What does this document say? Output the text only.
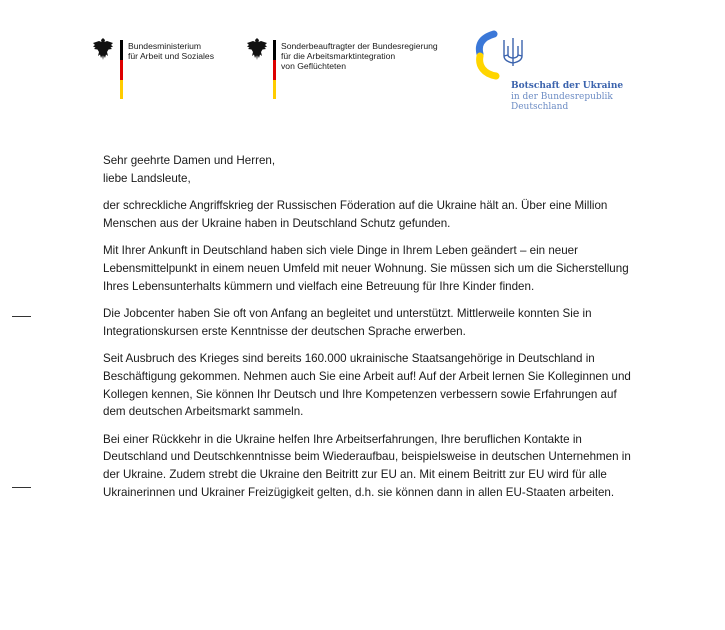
Bundesministerium
für Arbeit und Soziales
Sonderbeauftragter der Bundesregierung
für die Arbeitsmarktintegration
von Geflüchteten
Botschaft der Ukraine
in der Bundesrepublik
Deutschland

Sehr geehrte Damen und Herren,
liebe Landsleute,

der schreckliche Angriffskrieg der Russischen Föderation auf die Ukraine hält an. Über eine Million Menschen aus der Ukraine haben in Deutschland Schutz gefunden.

Mit Ihrer Ankunft in Deutschland haben sich viele Dinge in Ihrem Leben geändert – ein neuer Lebensmittelpunkt in einem neuen Umfeld mit neuer Wohnung. Sie müssen sich um die Sicherstellung Ihres Lebensunterhalts kümmern und vielfach eine Betreuung für Ihre Kinder finden.

Die Jobcenter haben Sie oft von Anfang an begleitet und unterstützt. Mittlerweile konnten Sie in Integrationskursen erste Kenntnisse der deutschen Sprache erwerben.

Seit Ausbruch des Krieges sind bereits 160.000 ukrainische Staatsangehörige in Deutschland in Beschäftigung gekommen. Nehmen auch Sie eine Arbeit auf! Auf der Arbeit lernen Sie Kolleginnen und Kollegen kennen, Sie können Ihr Deutsch und Ihre Kompetenzen verbessern sowie Erfahrungen auf dem deutschen Arbeitsmarkt sammeln.

Bei einer Rückkehr in die Ukraine helfen Ihre Arbeitserfahrungen, Ihre beruflichen Kontakte in Deutschland und Deutschkenntnisse beim Wiederaufbau, beispielsweise in deutschen Unternehmen in der Ukraine. Zudem strebt die Ukraine den Beitritt zur EU an. Mit einem Beitritt zur EU wird für alle Ukrainerinnen und Ukrainer Freizügigkeit gelten, d.h. sie können dann in allen EU-Staaten arbeiten.
